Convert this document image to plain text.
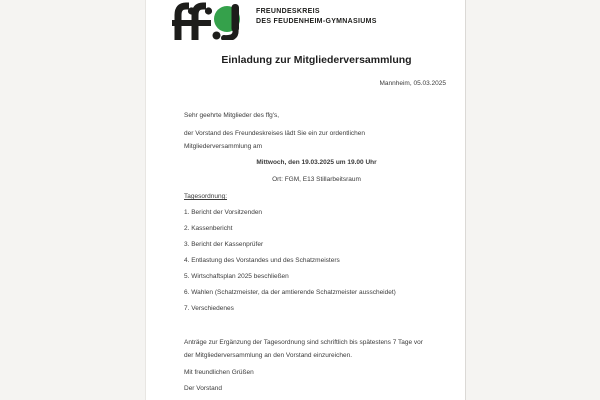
FREUNDESKREIS
DES FEUDENHEIM-GYMNASIUMS
Einladung zur Mitgliederversammlung
Mannheim, 05.03.2025
Sehr geehrte Mitglieder des ffg's,
der Vorstand des Freundeskreises lädt Sie ein zur ordentlichen
Mitgliederversammlung am
Mittwoch, den 19.03.2025 um 19.00 Uhr
Ort: FGM, E13 Stillarbeitsraum
Tagesordnung:
1. Bericht der Vorsitzenden
2. Kassenbericht
3. Bericht der Kassenprüfer
4. Entlastung des Vorstandes und des Schatzmeisters
5. Wirtschaftsplan 2025 beschließen
6. Wahlen (Schatzmeister, da der amtierende Schatzmeister ausscheidet)
7. Verschiedenes
Anträge zur Ergänzung der Tagesordnung sind schriftlich bis spätestens 7 Tage vor
der Mitgliederversammlung an den Vorstand einzureichen.
Mit freundlichen Grüßen
Der Vorstand
